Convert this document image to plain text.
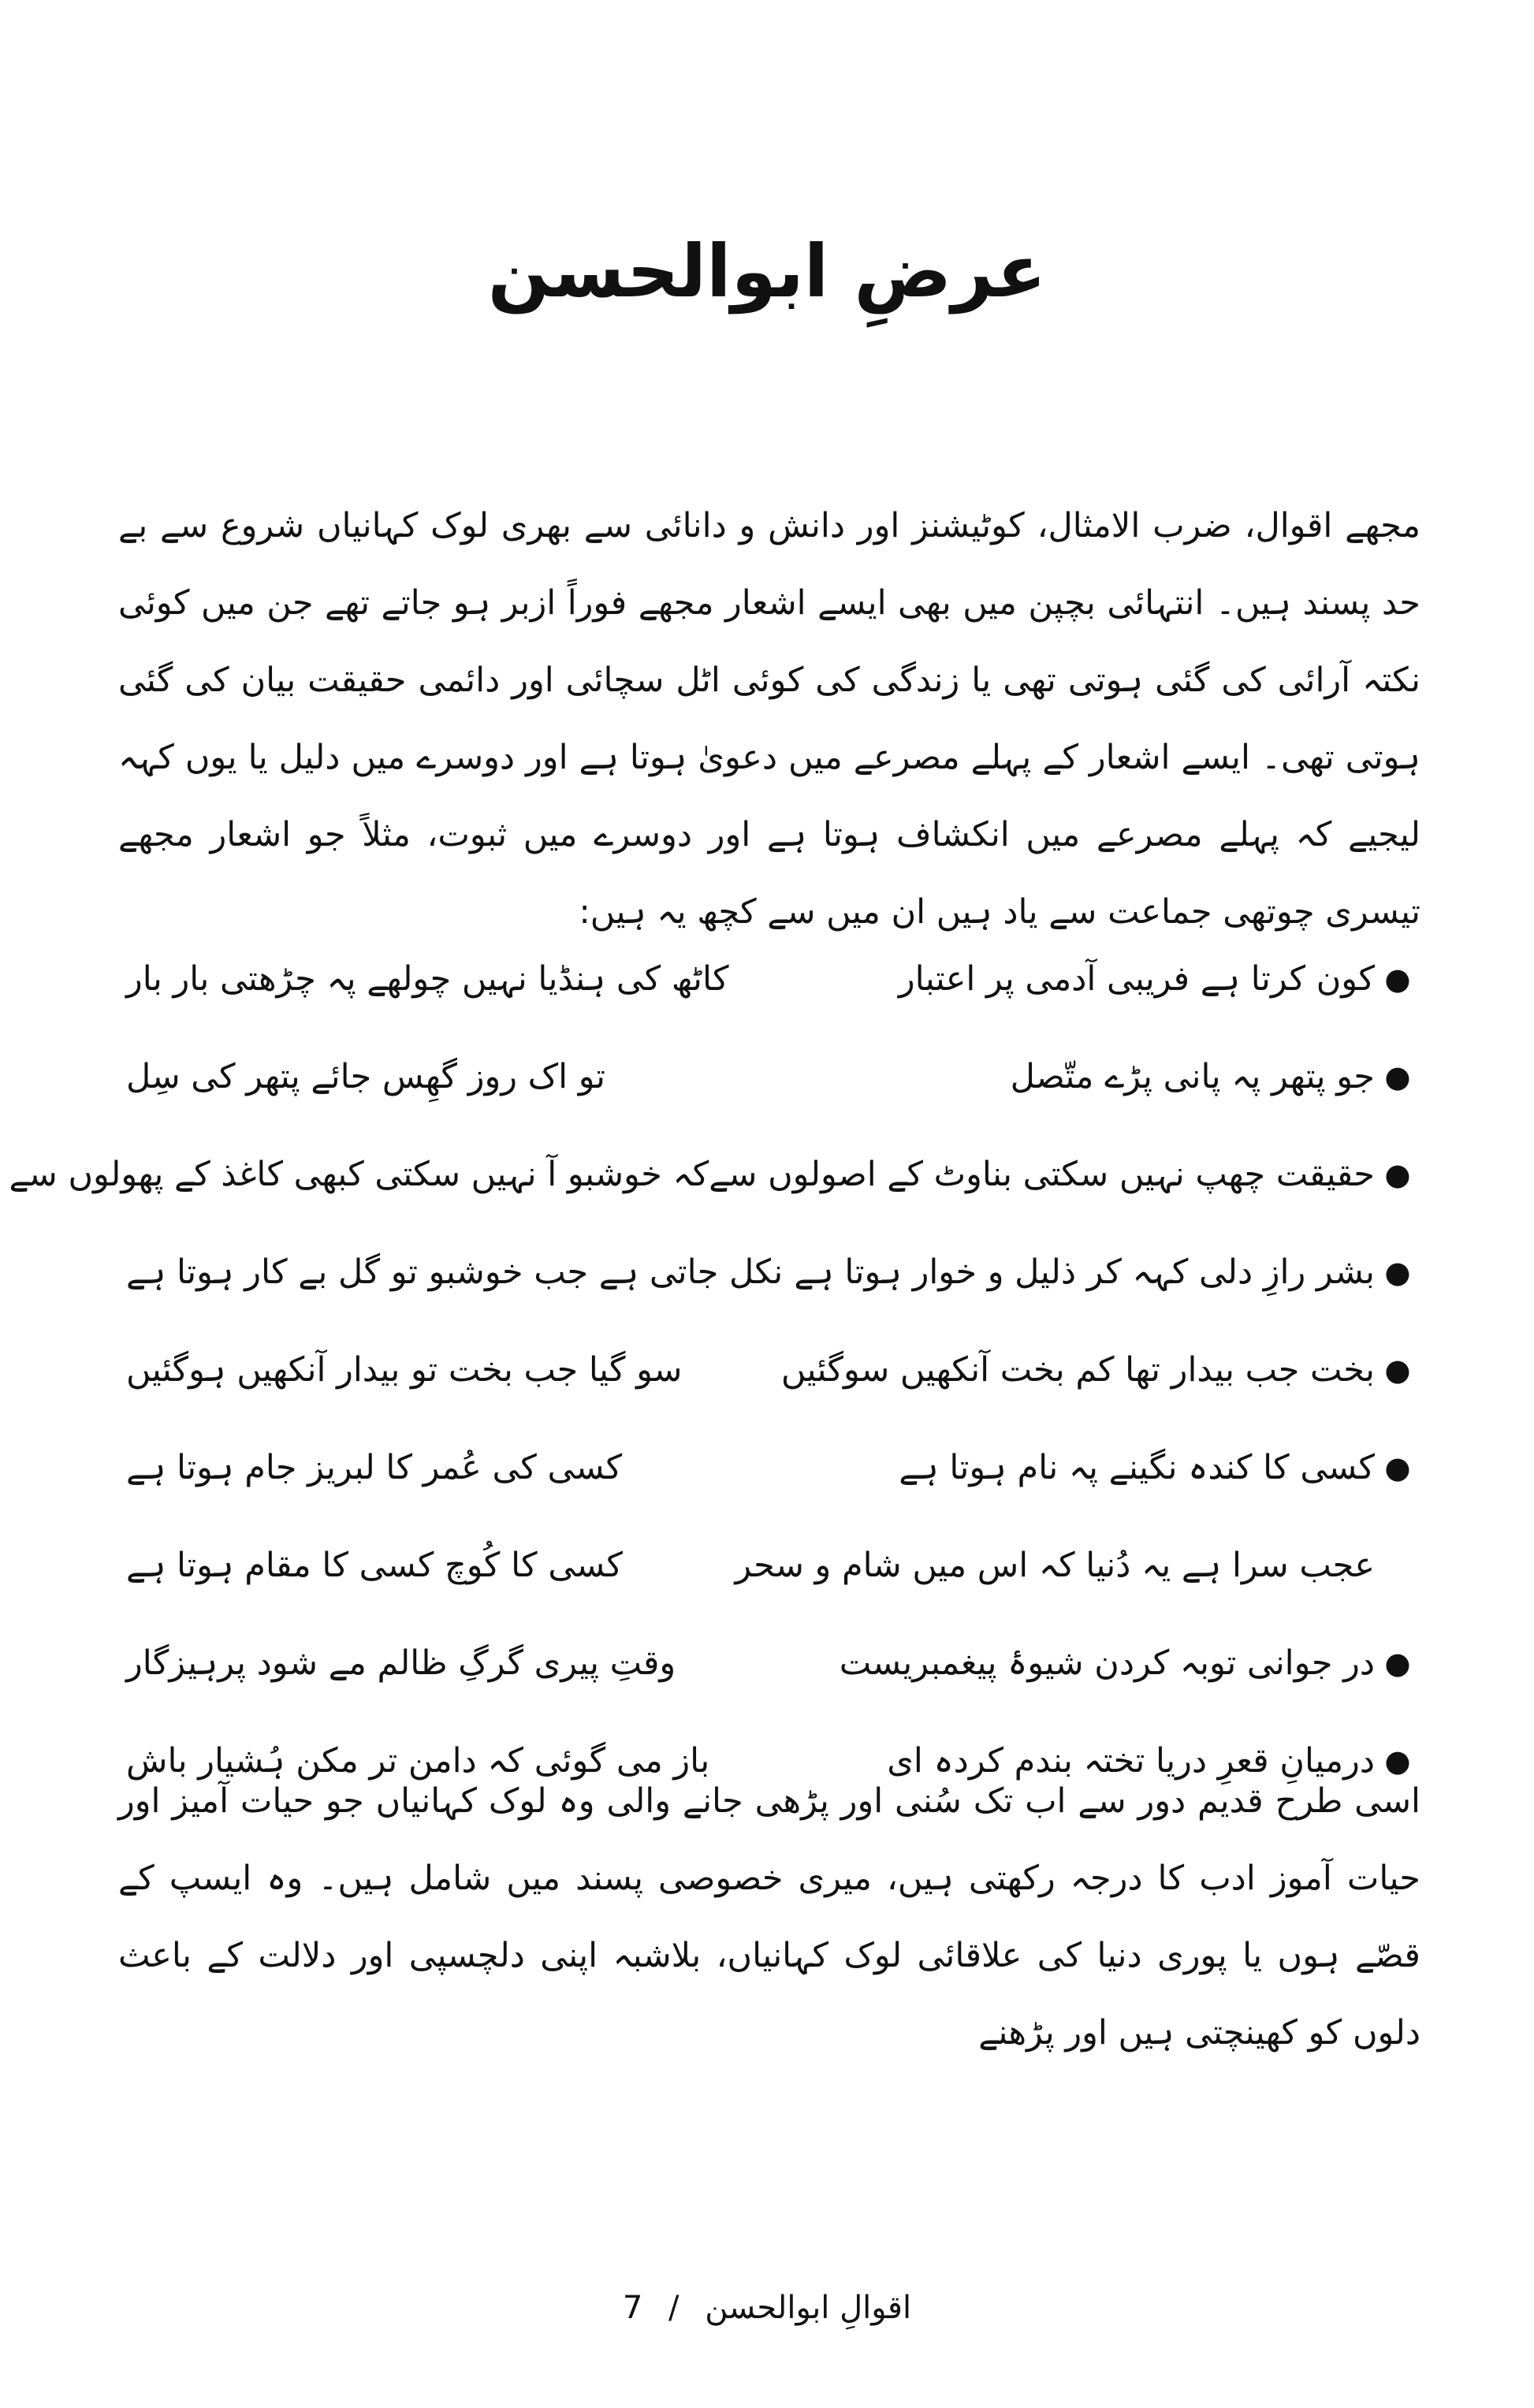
عرضِ ابوالحسن
مجھے اقوال، ضرب الامثال، کوٹیشنز اور دانش و دانائی سے بھری لوک کہانیاں شروع سے بے حد پسند ہیں۔ انتہائی بچپن میں بھی ایسے اشعار مجھے فوراً ازبر ہو جاتے تھے جن میں کوئی نکتہ آرائی کی گئی ہوتی تھی یا زندگی کی کوئی اٹل سچائی اور دائمی حقیقت بیان کی گئی ہوتی تھی۔ ایسے اشعار کے پہلے مصرعے میں دعویٰ ہوتا ہے اور دوسرے میں دلیل یا یوں کہہ لیجیے کہ پہلے مصرعے میں انکشاف ہوتا ہے اور دوسرے میں ثبوت، مثلاً جو اشعار مجھے تیسری چوتھی جماعت سے یاد ہیں ان میں سے کچھ یہ ہیں:
●
کون کرتا ہے فریبی آدمی پر اعتبار
کاٹھ کی ہنڈیا نہیں چولھے پہ چڑھتی بار بار
●
جو پتھر پہ پانی پڑے متّصل
تو اک روز گھِس جائے پتھر کی سِل
●
حقیقت چھپ نہیں سکتی بناوٹ کے اصولوں سے
کہ خوشبو آ نہیں سکتی کبھی کاغذ کے پھولوں سے
●
بشر رازِ دلی کہہ کر ذلیل و خوار ہوتا ہے
نکل جاتی ہے جب خوشبو تو گل بے کار ہوتا ہے
●
بخت جب بیدار تھا کم بخت آنکھیں سوگئیں
سو گیا جب بخت تو بیدار آنکھیں ہوگئیں
●
کسی کا کندہ نگینے پہ نام ہوتا ہے
کسی کی عُمر کا لبریز جام ہوتا ہے
عجب سرا ہے یہ دُنیا کہ اس میں شام و سحر
کسی کا کُوچ کسی کا مقام ہوتا ہے
●
در جوانی توبہ کردن شیوۂ پیغمبریست
وقتِ پیری گرگِ ظالم مے شود پرہیزگار
●
درمیانِ قعرِ دریا تختہ بندم کردہ ای
باز می گوئی کہ دامن تر مکن ہُشیار باش
اسی طرح قدیم دور سے اب تک سُنی اور پڑھی جانے والی وہ لوک کہانیاں جو حیات آمیز اور حیات آموز ادب کا درجہ رکھتی ہیں، میری خصوصی پسند میں شامل ہیں۔ وہ ایسپ کے قصّے ہوں یا پوری دنیا کی علاقائی لوک کہانیاں، بلاشبہ اپنی دلچسپی اور دلالت کے باعث دلوں کو کھینچتی ہیں اور پڑھنے
7 / اقوالِ ابوالحسن
